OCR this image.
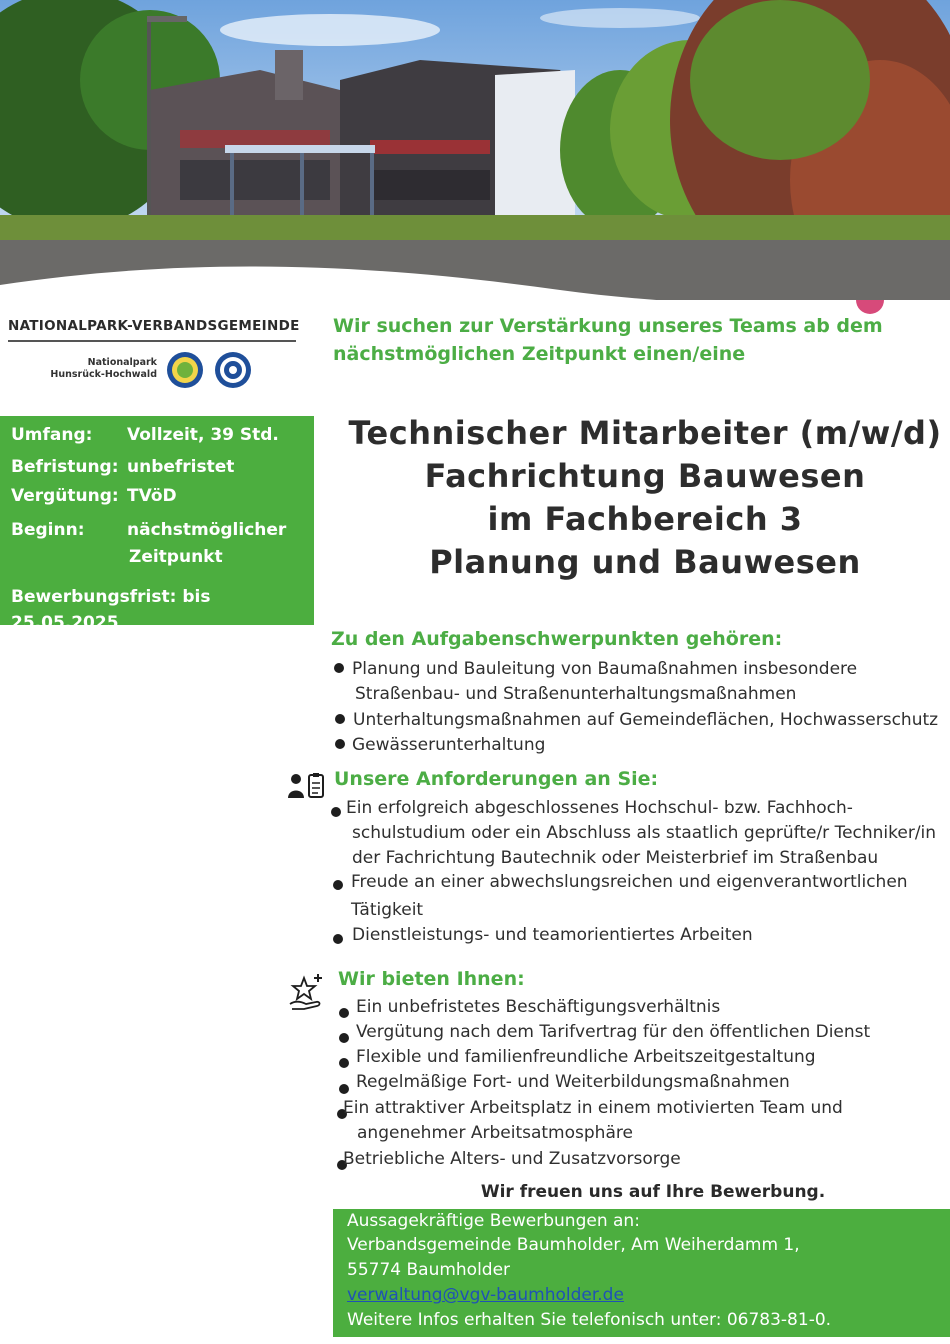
NATIONALPARK-VERBANDSGEMEINDE
Nationalpark
Hunsrück-Hochwald
Wir suchen zur Verstärkung unseres Teams ab dem
nächstmöglichen Zeitpunkt einen/eine
Umfang: Vollzeit, 39 Std.
Befristung: unbefristet
Vergütung: TVöD
Beginn:	nächstmöglicher
Zeitpunkt
Bewerbungsfrist: bis 25.05.2025
Technischer Mitarbeiter (m/w/d)
Fachrichtung Bauwesen
im Fachbereich 3
Planung und Bauwesen
Zu den Aufgabenschwerpunkten gehören:
Planung und Bauleitung von Baumaßnahmen insbesondere
Straßenbau- und Straßenunterhaltungsmaßnahmen
Unterhaltungsmaßnahmen auf Gemeindeflächen, Hochwasserschutz
Gewässerunterhaltung
Unsere Anforderungen an Sie:
Ein erfolgreich abgeschlossenes Hochschul- bzw. Fachhoch-
schulstudium oder ein Abschluss als staatlich geprüfte/r Techniker/in
der Fachrichtung Bautechnik oder Meisterbrief im Straßenbau
Freude an einer abwechslungsreichen und eigenverantwortlichen
Tätigkeit
Dienstleistungs- und teamorientiertes Arbeiten
Wir bieten Ihnen:
Ein unbefristetes Beschäftigungsverhältnis
Vergütung nach dem Tarifvertrag für den öffentlichen Dienst
Flexible und familienfreundliche Arbeitszeitgestaltung
Regelmäßige Fort- und Weiterbildungsmaßnahmen
Ein attraktiver Arbeitsplatz in einem motivierten Team und
angenehmer Arbeitsatmosphäre
Betriebliche Alters- und Zusatzvorsorge
Wir freuen uns auf Ihre Bewerbung.
Aussagekräftige Bewerbungen an:
Verbandsgemeinde Baumholder, Am Weiherdamm 1,
55774 Baumholder
verwaltung@vgv-baumholder.de
Weitere Infos erhalten Sie telefonisch unter: 06783-81-0.
